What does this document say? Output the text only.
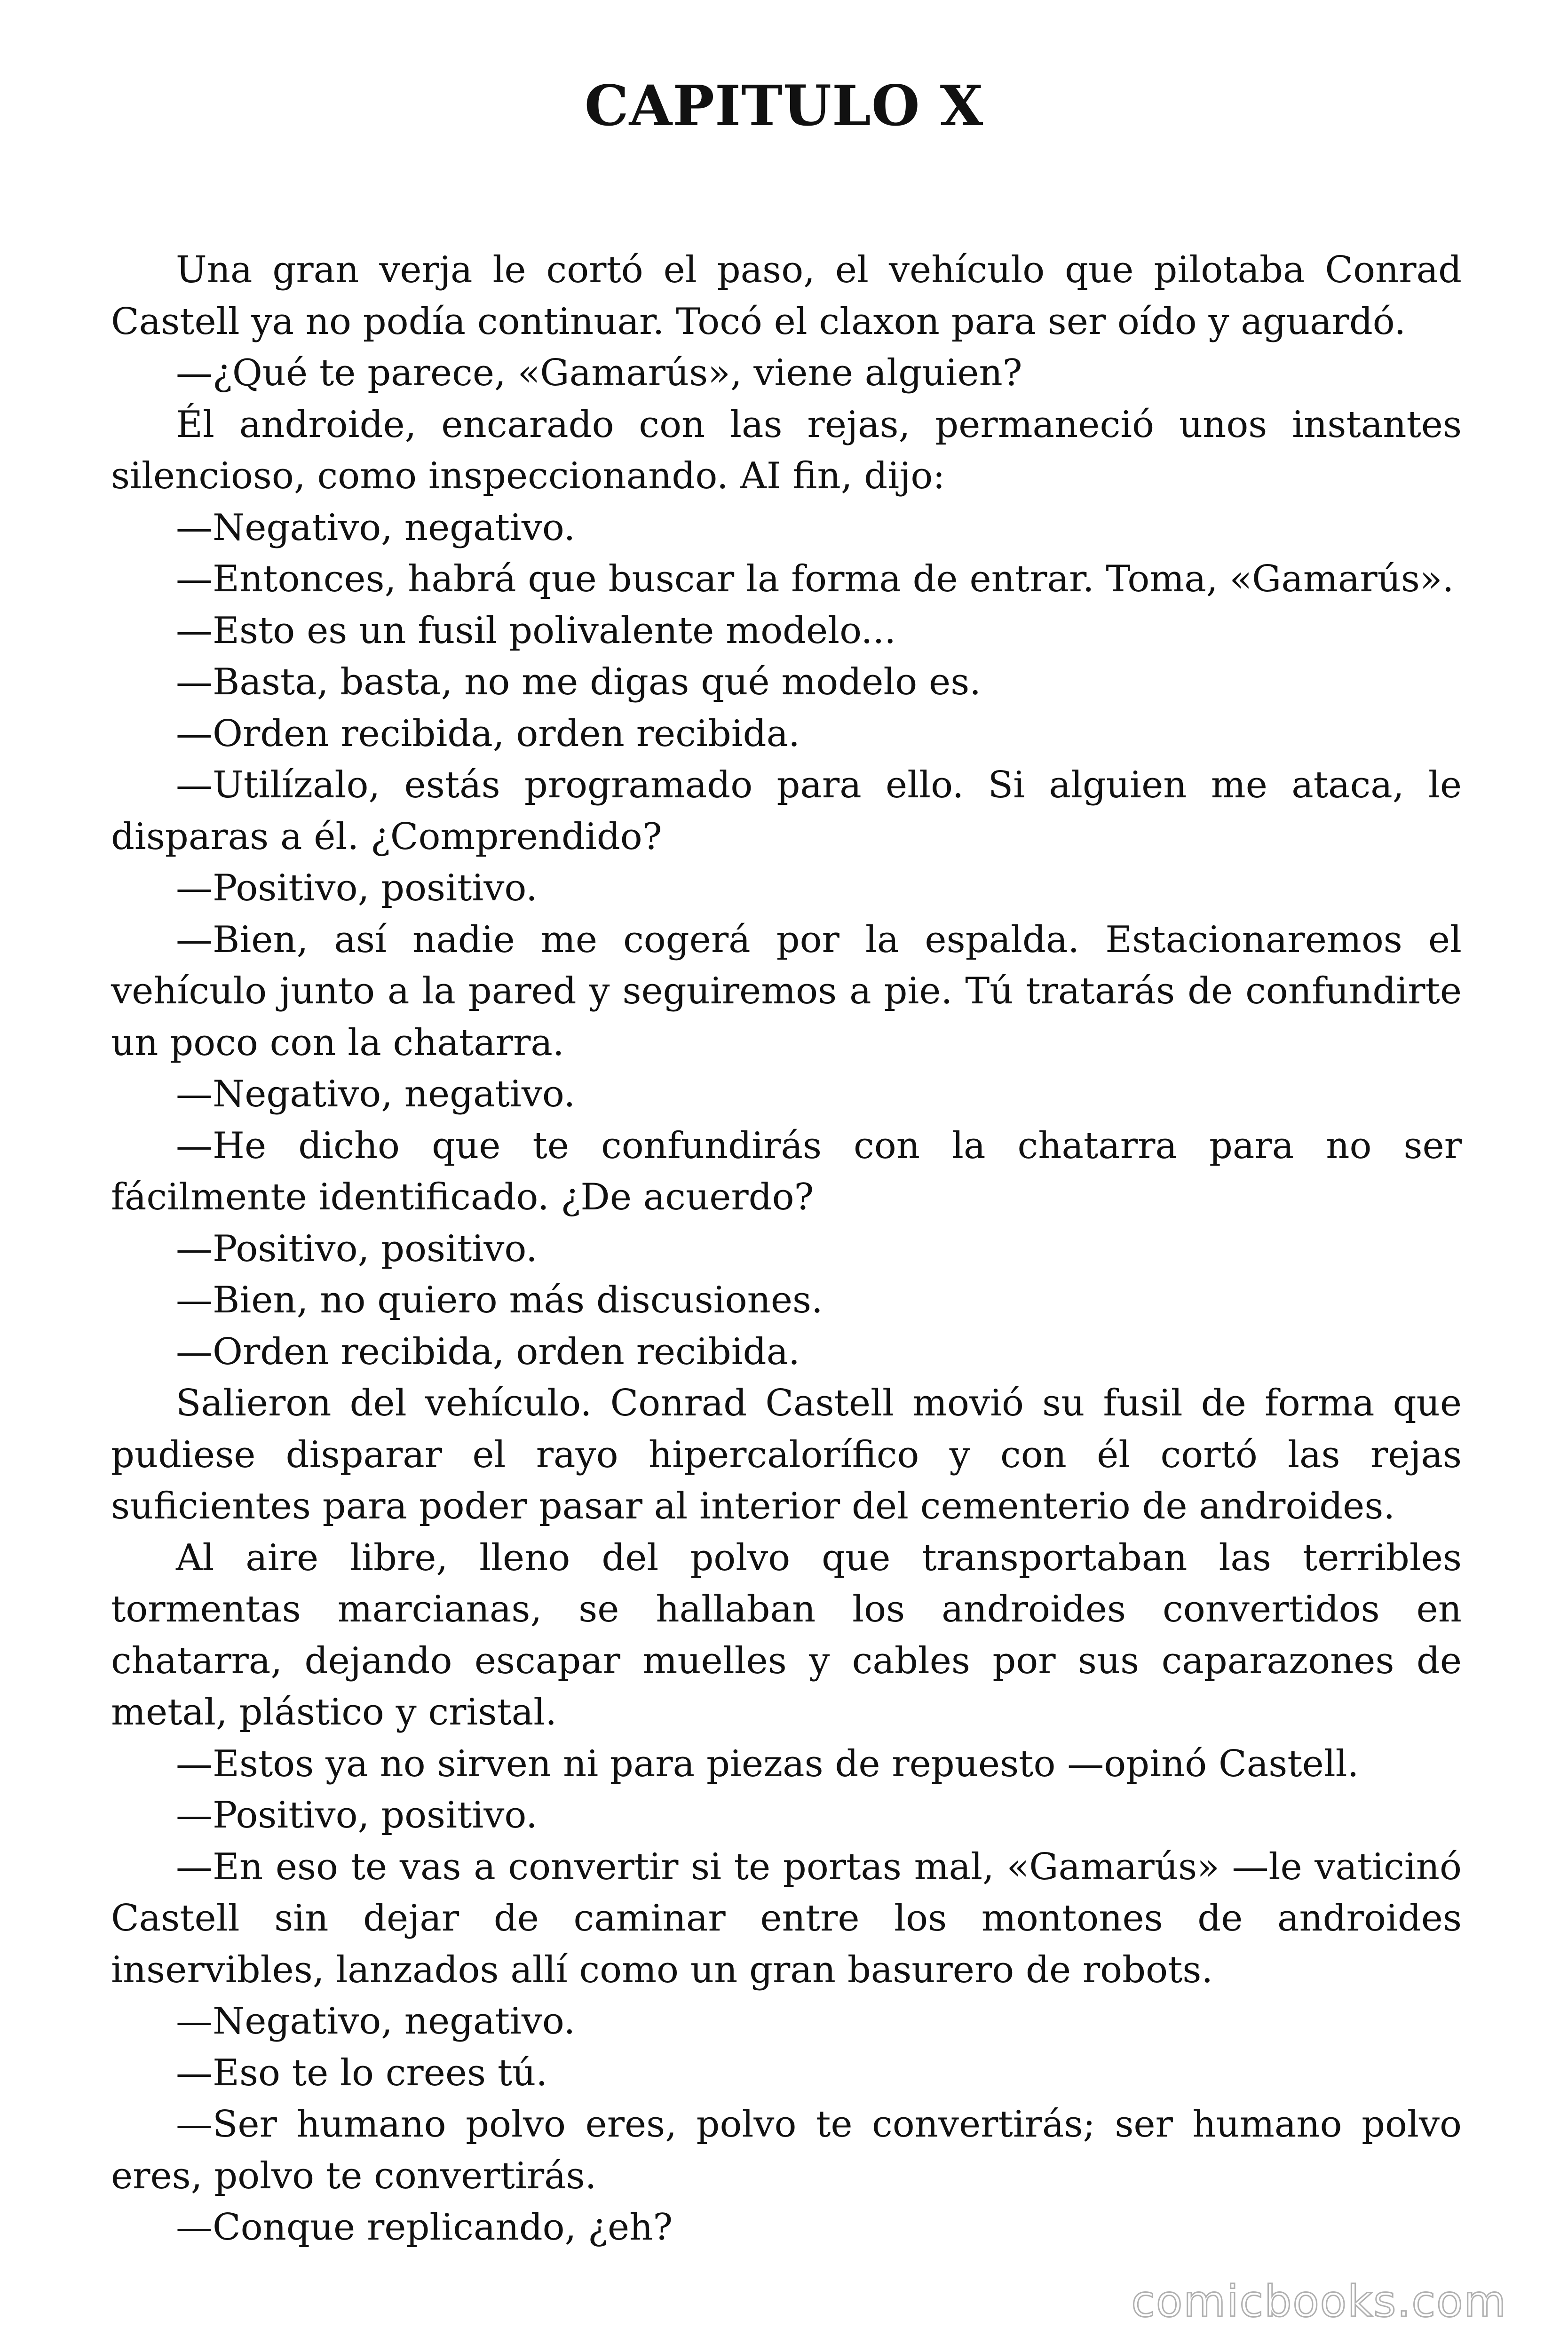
CAPITULO X

Una gran verja le cortó el paso, el vehículo que pilotaba Conrad Castell ya no podía continuar. Tocó el claxon para ser oído y aguardó.

—¿Qué te parece, «Gamarús», viene alguien?

Él androide, encarado con las rejas, permaneció unos instantes silencioso, como inspeccionando. AI fin, dijo:

—Negativo, negativo.

—Entonces, habrá que buscar la forma de entrar. Toma, «Gamarús».

—Esto es un fusil polivalente modelo...

—Basta, basta, no me digas qué modelo es.

—Orden recibida, orden recibida.

—Utilízalo, estás programado para ello. Si alguien me ataca, le disparas a él. ¿Comprendido?

—Positivo, positivo.

—Bien, así nadie me cogerá por la espalda. Estacionaremos el vehículo junto a la pared y seguiremos a pie. Tú tratarás de confundirte un poco con la chatarra.

—Negativo, negativo.

—He dicho que te confundirás con la chatarra para no ser fácilmente identificado. ¿De acuerdo?

—Positivo, positivo.

—Bien, no quiero más discusiones.

—Orden recibida, orden recibida.

Salieron del vehículo. Conrad Castell movió su fusil de forma que pudiese disparar el rayo hipercalorífico y con él cortó las rejas suficientes para poder pasar al interior del cementerio de androides.

Al aire libre, lleno del polvo que transportaban las terribles tormentas marcianas, se hallaban los androides convertidos en chatarra, dejando escapar muelles y cables por sus caparazones de metal, plástico y cristal.

—Estos ya no sirven ni para piezas de repuesto —opinó Castell.

—Positivo, positivo.

—En eso te vas a convertir si te portas mal, «Gamarús» —le vaticinó Castell sin dejar de caminar entre los montones de androides inservibles, lanzados allí como un gran basurero de robots.

—Negativo, negativo.

—Eso te lo crees tú.

—Ser humano polvo eres, polvo te convertirás; ser humano polvo eres, polvo te convertirás.

—Conque replicando, ¿eh?

comicbooks.com
